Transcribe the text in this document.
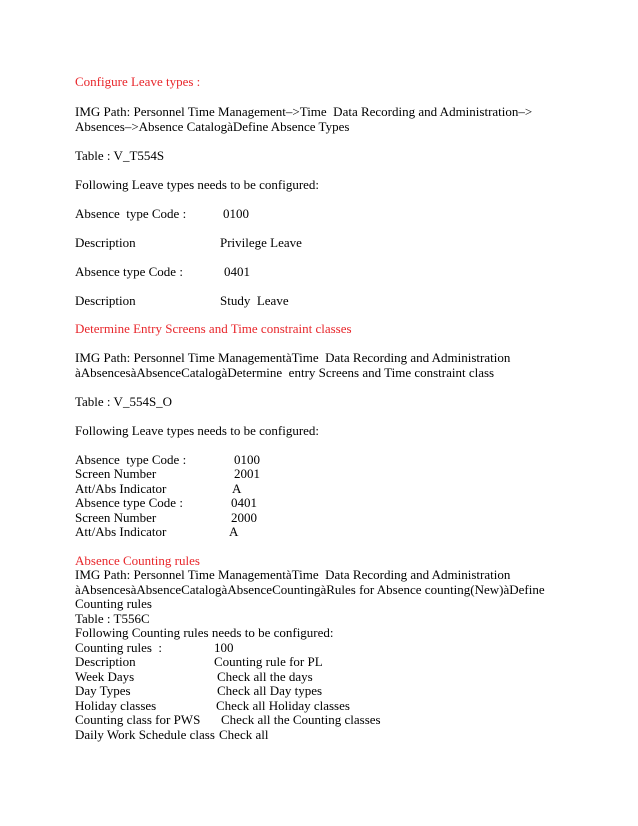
Configure Leave types :
IMG Path: Personnel Time Management–>Time  Data Recording and Administration–>
Absences–>Absence CatalogàDefine Absence Types
Table : V_T554S
Following Leave types needs to be configured:
Absence  type Code :	0100
Description	Privilege Leave
Absence type Code :	0401
Description	Study  Leave
Determine Entry Screens and Time constraint classes
IMG Path: Personnel Time ManagementàTime  Data Recording and Administration
àAbsencesàAbsenceCatalogàDetermine  entry Screens and Time constraint class
Table : V_554S_O
Following Leave types needs to be configured:
Absence  type Code :	0100
Screen Number	2001
Att/Abs Indicator	A
Absence type Code :	0401
Screen Number	2000
Att/Abs Indicator	A
Absence Counting rules
IMG Path: Personnel Time ManagementàTime  Data Recording and Administration
àAbsencesàAbsenceCatalogàAbsenceCountingàRules for Absence counting(New)àDefine
Counting rules
Table : T556C
Following Counting rules needs to be configured:
Counting rules  :	100
Description	Counting rule for PL
Week Days	Check all the days
Day Types	Check all Day types
Holiday classes	Check all Holiday classes
Counting class for PWS Check all the Counting classes
Daily Work Schedule class Check all
